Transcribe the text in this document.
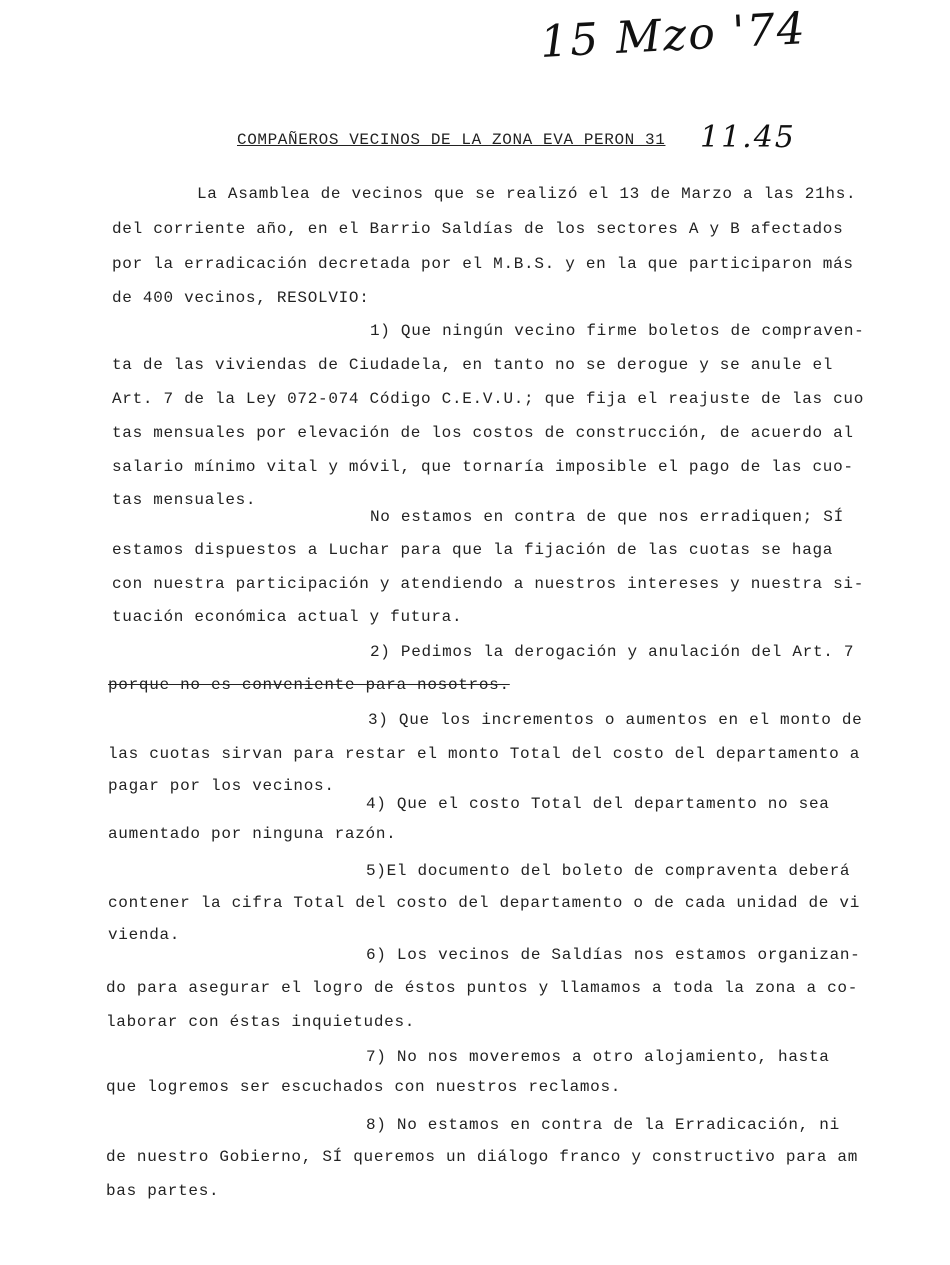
15 Mzo '74
11.45
COMPAÑEROS VECINOS DE LA ZONA EVA PERON 31
La Asamblea de vecinos que se realizó el 13 de Marzo a las 21hs.
del corriente año, en el Barrio Saldías de los sectores A y B afectados
por la erradicación decretada por el M.B.S. y en la que participaron más
de 400 vecinos, RESOLVIO:
1) Que ningún vecino firme boletos de compraven-
ta de las viviendas de Ciudadela, en tanto no se derogue y se anule el
Art. 7 de la Ley 072-074 Código C.E.V.U.; que fija el reajuste de las cuo
tas mensuales por elevación de los costos de construcción, de acuerdo al
salario mínimo vital y móvil, que tornaría imposible el pago de las cuo-
tas mensuales.
No estamos en contra de que nos erradiquen; SÍ
estamos dispuestos a Luchar para que la fijación de las cuotas se haga
con nuestra participación y atendiendo a nuestros intereses y nuestra si-
tuación económica actual y futura.
2) Pedimos la derogación y anulación del Art. 7
porque no es conveniente para nosotros.
3) Que los incrementos o aumentos en el monto de
las cuotas sirvan para restar el monto Total del costo del departamento a
pagar por los vecinos.
4) Que el costo Total del departamento no sea
aumentado por ninguna razón.
5)El documento del boleto de compraventa deberá
contener la cifra Total del costo del departamento o de cada unidad de vi
vienda.
6) Los vecinos de Saldías nos estamos organizan-
do para asegurar el logro de éstos puntos y llamamos a toda la zona a co-
laborar con éstas inquietudes.
7) No nos moveremos a otro alojamiento, hasta
que logremos ser escuchados con nuestros reclamos.
8) No estamos en contra de la Erradicación, ni
de nuestro Gobierno, SÍ queremos un diálogo franco y constructivo para am
bas partes.
